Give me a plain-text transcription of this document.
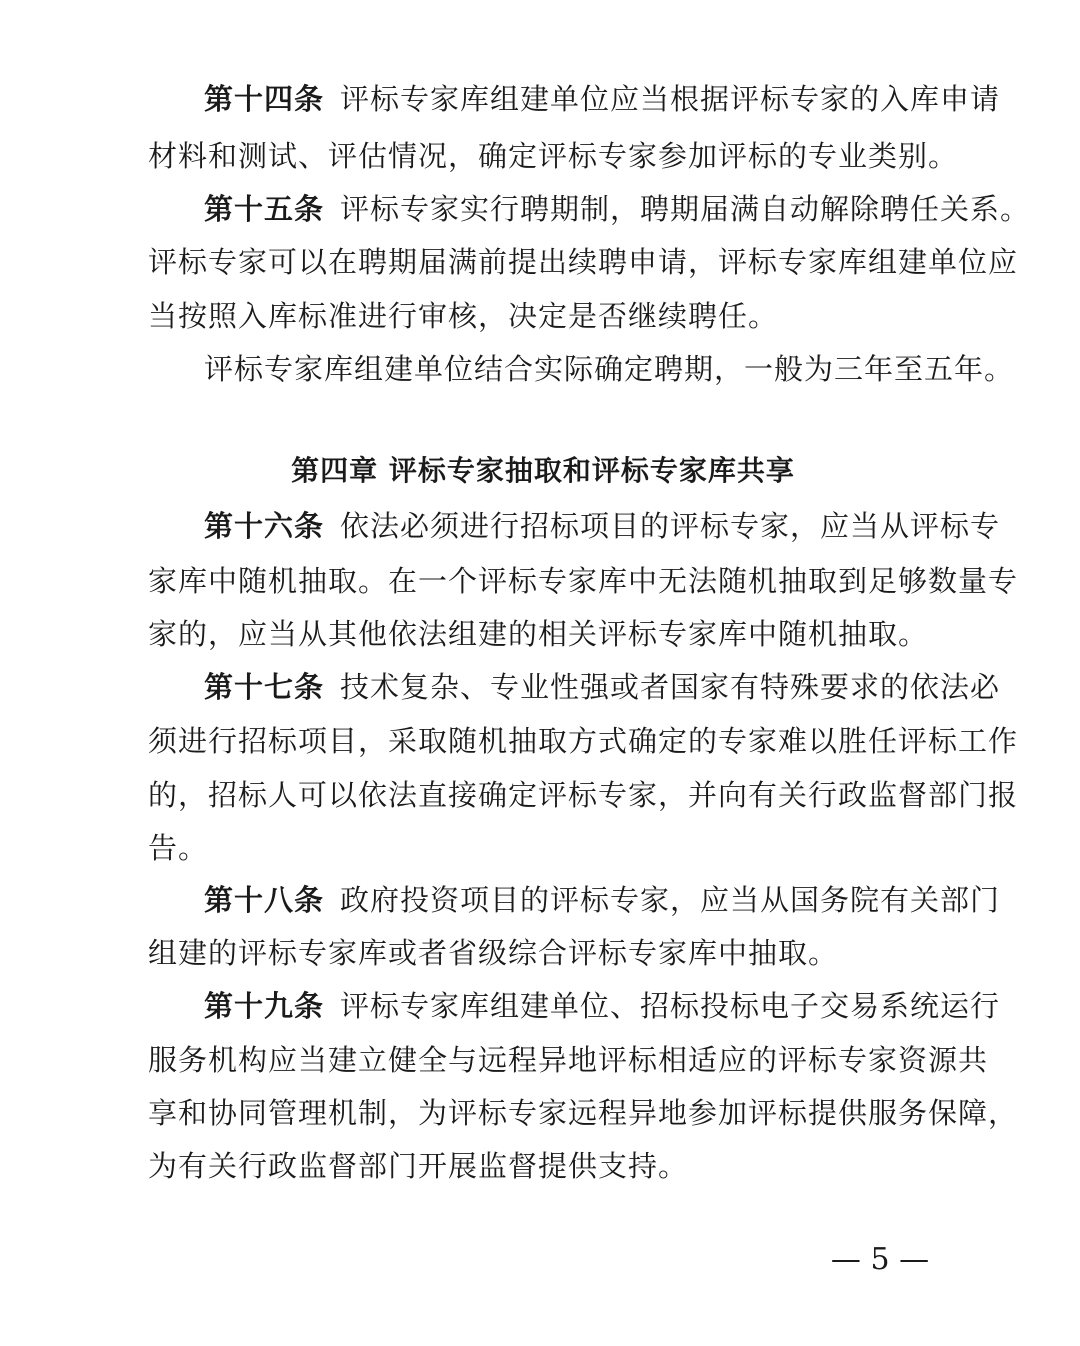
第十四条 评标专家库组建单位应当根据评标专家的入库申请
材料和测试、评估情况，确定评标专家参加评标的专业类别。
第十五条 评标专家实行聘期制，聘期届满自动解除聘任关系。
评标专家可以在聘期届满前提出续聘申请，评标专家库组建单位应
当按照入库标准进行审核，决定是否继续聘任。
评标专家库组建单位结合实际确定聘期，一般为三年至五年。
第四章 评标专家抽取和评标专家库共享
第十六条 依法必须进行招标项目的评标专家，应当从评标专
家库中随机抽取。在一个评标专家库中无法随机抽取到足够数量专
家的，应当从其他依法组建的相关评标专家库中随机抽取。
第十七条 技术复杂、专业性强或者国家有特殊要求的依法必
须进行招标项目，采取随机抽取方式确定的专家难以胜任评标工作
的，招标人可以依法直接确定评标专家，并向有关行政监督部门报
告。
第十八条 政府投资项目的评标专家，应当从国务院有关部门
组建的评标专家库或者省级综合评标专家库中抽取。
第十九条 评标专家库组建单位、招标投标电子交易系统运行
服务机构应当建立健全与远程异地评标相适应的评标专家资源共
享和协同管理机制，为评标专家远程异地参加评标提供服务保障，
为有关行政监督部门开展监督提供支持。
— 5 —
